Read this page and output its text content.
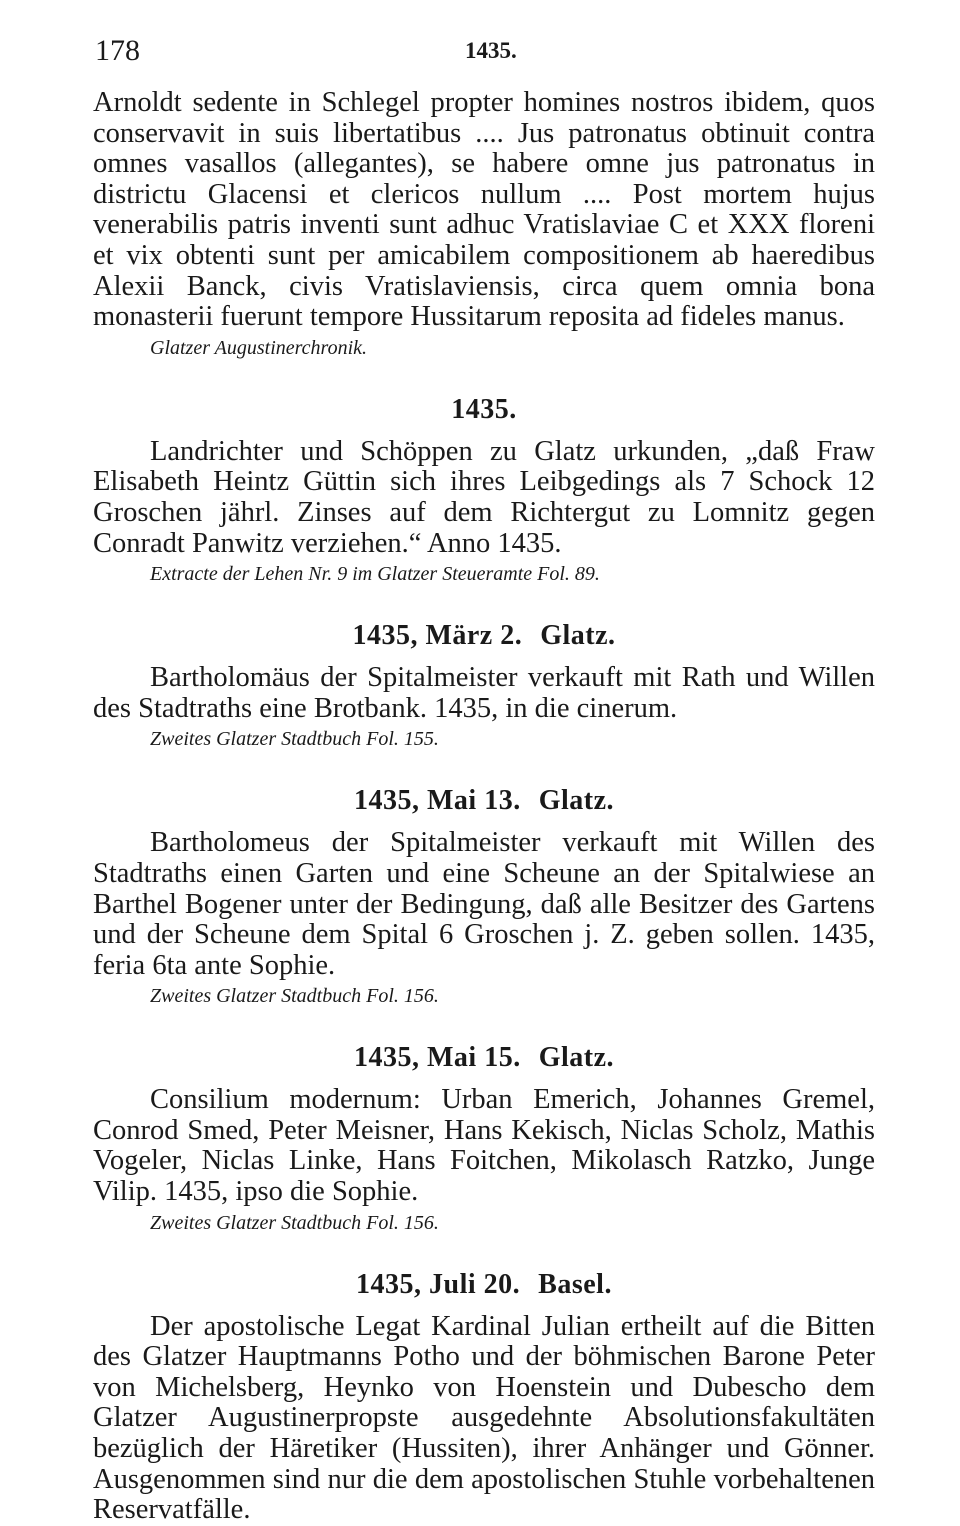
178	1435.

Arnoldt sedente in Schlegel propter homines nostros ibidem, quos conservavit in suis libertatibus .... Jus patronatus obtinuit contra omnes vasallos (allegantes), se habere omne jus patronatus in districtu Glacensi et clericos nullum .... Post mortem hujus venerabilis patris inventi sunt adhuc Vratislaviae C et XXX floreni et vix obtenti sunt per amicabilem compositionem ab haeredibus Alexii Banck, civis Vratislaviensis, circa quem omnia bona monasterii fuerunt tempore Hussitarum reposita ad fideles manus.

Glatzer Augustinerchronik.

1435.

Landrichter und Schöppen zu Glatz urkunden, „daß Fraw Elisabeth Heintz Güttin sich ihres Leibgedings als 7 Schock 12 Groschen jährl. Zinses auf dem Richtergut zu Lomnitz gegen Conradt Panwitz verziehen.“ Anno 1435.

Extracte der Lehen Nr. 9 im Glatzer Steueramte Fol. 89.

1435, März 2. Glatz.

Bartholomäus der Spitalmeister verkauft mit Rath und Willen des Stadtraths eine Brotbank. 1435, in die cinerum.

Zweites Glatzer Stadtbuch Fol. 155.

1435, Mai 13. Glatz.

Bartholomeus der Spitalmeister verkauft mit Willen des Stadtraths einen Garten und eine Scheune an der Spitalwiese an Barthel Bogener unter der Bedingung, daß alle Besitzer des Gartens und der Scheune dem Spital 6 Groschen j. Z. geben sollen. 1435, feria 6ta ante Sophie.

Zweites Glatzer Stadtbuch Fol. 156.

1435, Mai 15. Glatz.

Consilium modernum: Urban Emerich, Johannes Gremel, Conrod Smed, Peter Meisner, Hans Kekisch, Niclas Scholz, Mathis Vogeler, Niclas Linke, Hans Foitchen, Mikolasch Ratzko, Junge Vilip. 1435, ipso die Sophie.

Zweites Glatzer Stadtbuch Fol. 156.

1435, Juli 20. Basel.

Der apostolische Legat Kardinal Julian ertheilt auf die Bitten des Glatzer Hauptmanns Potho und der böhmischen Barone Peter von Michelsberg, Heynko von Hoenstein und Dubescho dem Glatzer Augustinerpropste ausgedehnte Absolutionsfakultäten bezüglich der Häretiker (Hussiten), ihrer Anhänger und Gönner. Ausgenommen sind nur die dem apostolischen Stuhle vorbehaltenen Reservatfälle.
